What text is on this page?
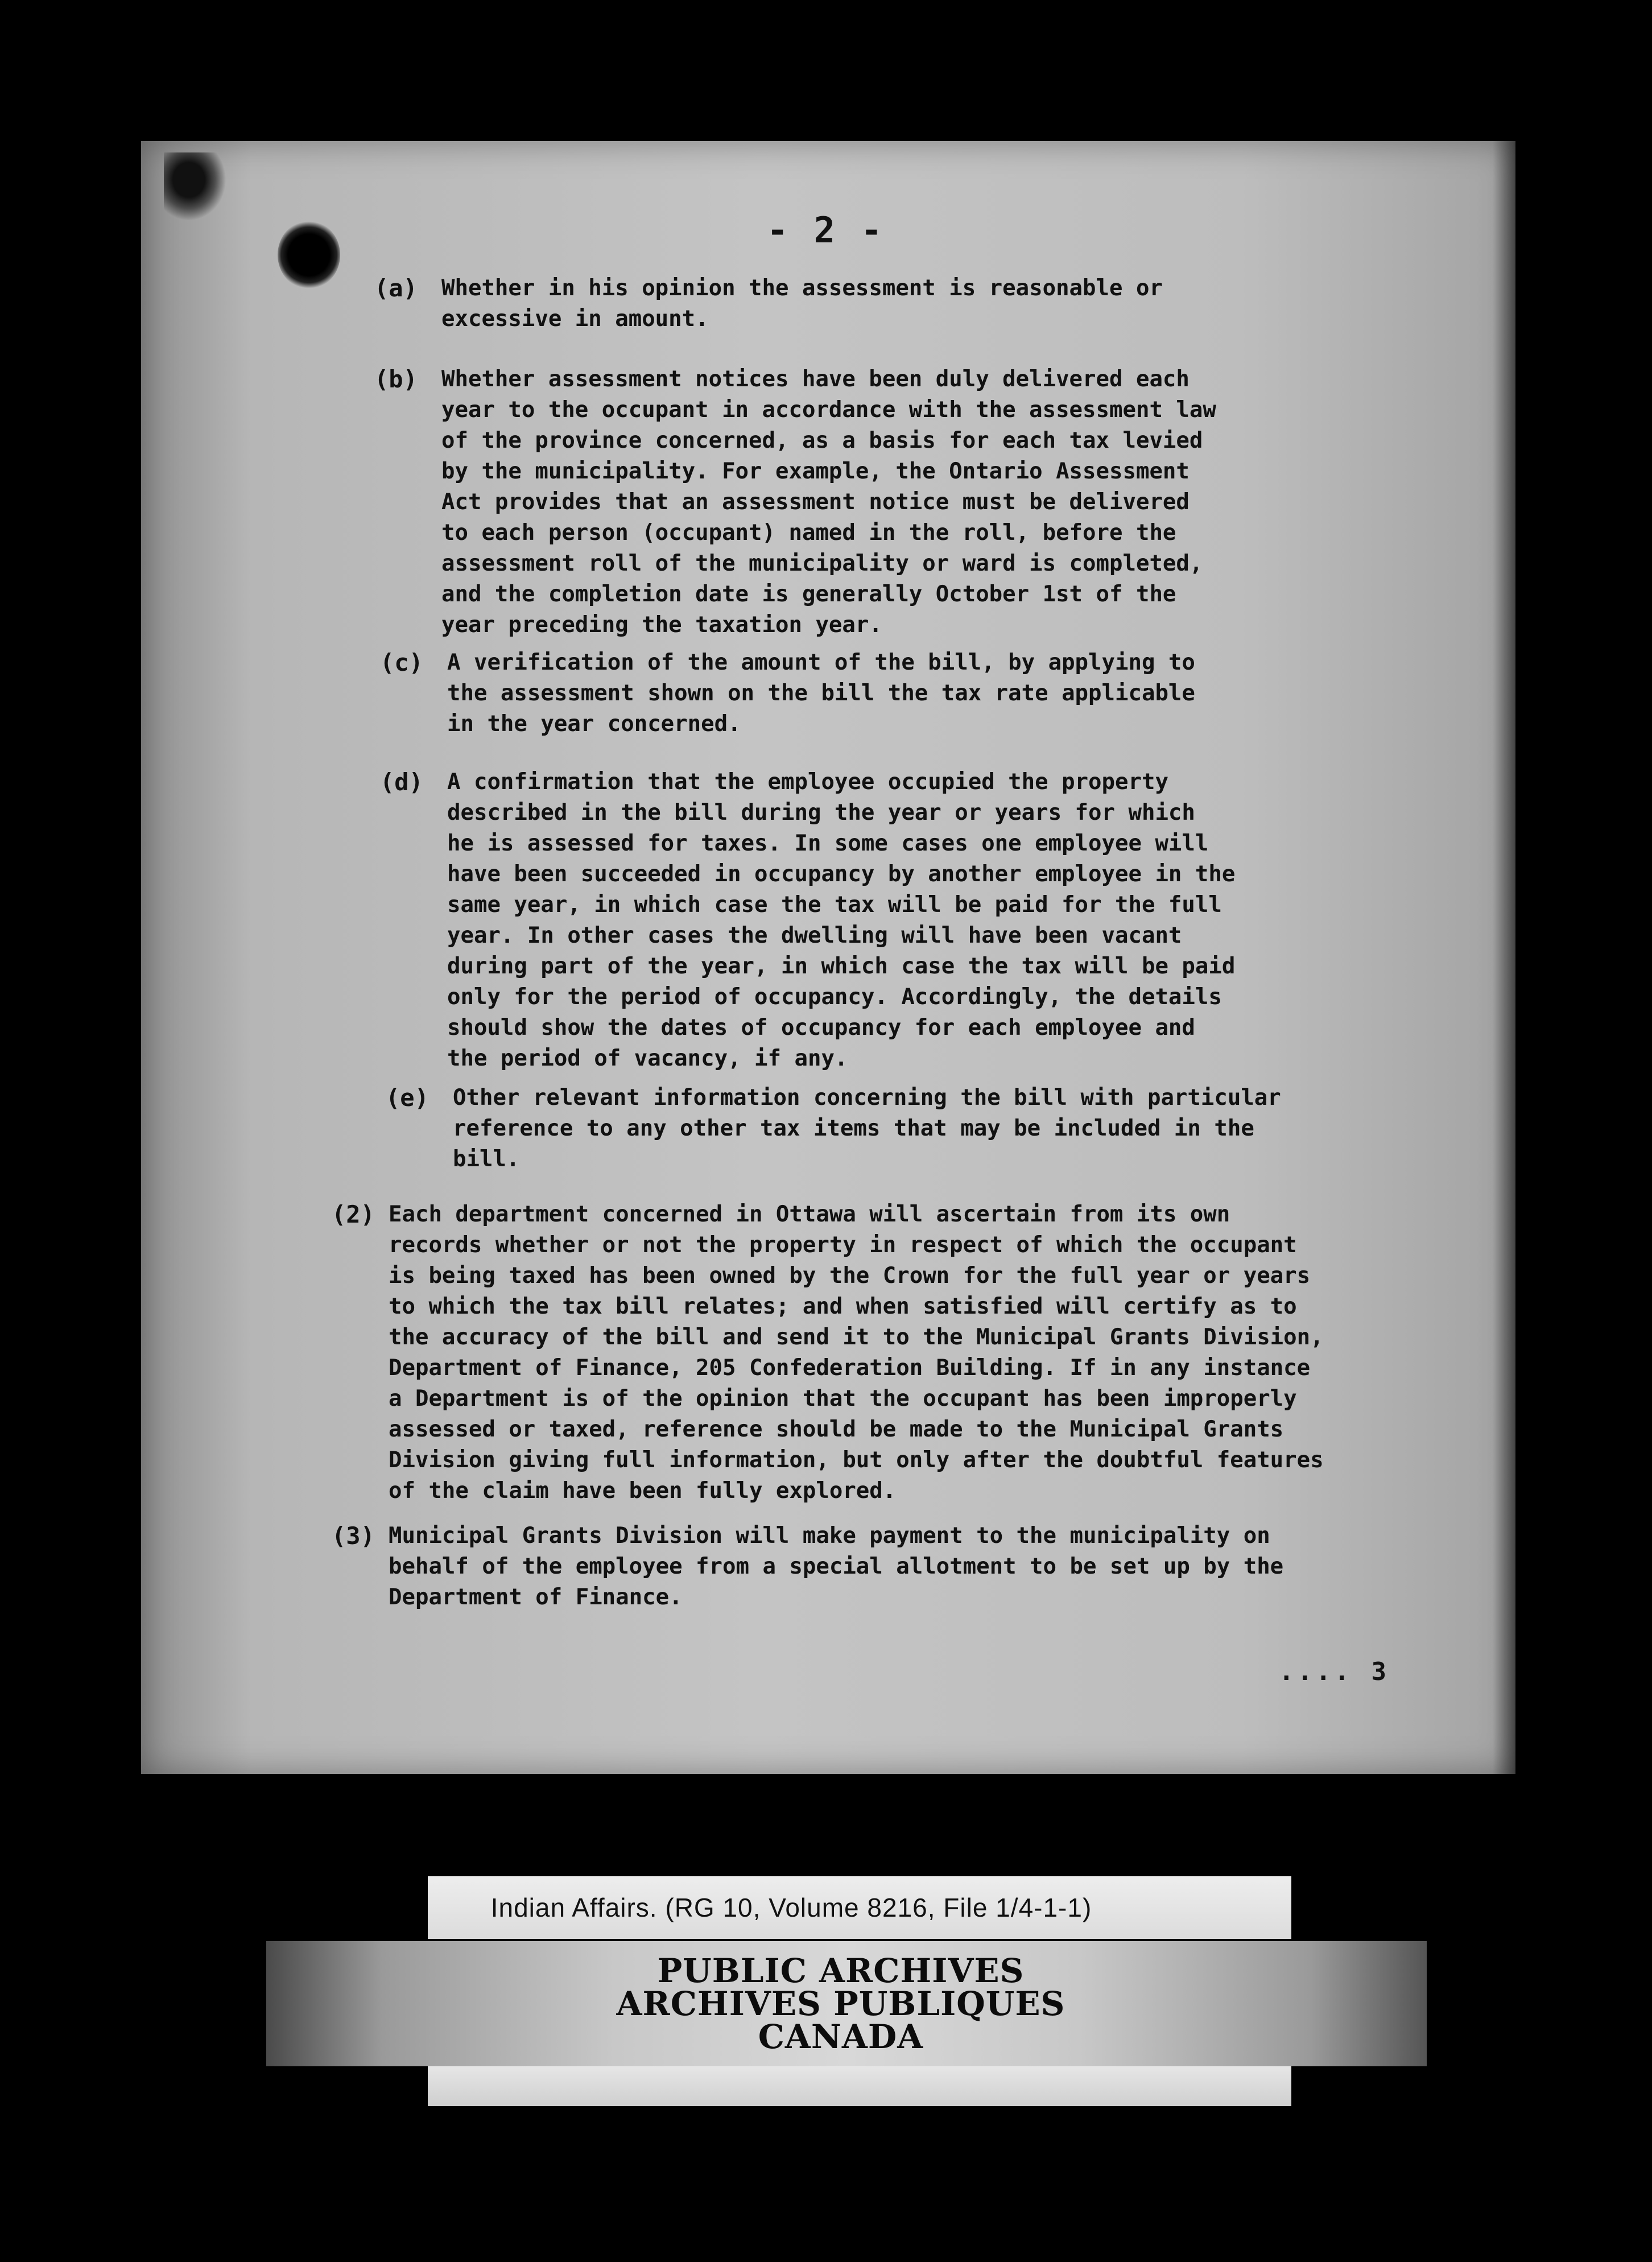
- 2 -
(a) Whether in his opinion the assessment is reasonable or
excessive in amount.
(b) Whether assessment notices have been duly delivered each
year to the occupant in accordance with the assessment law
of the province concerned, as a basis for each tax levied
by the municipality. For example, the Ontario Assessment
Act provides that an assessment notice must be delivered
to each person (occupant) named in the roll, before the
assessment roll of the municipality or ward is completed,
and the completion date is generally October 1st of the
year preceding the taxation year.
(c) A verification of the amount of the bill, by applying to
the assessment shown on the bill the tax rate applicable
in the year concerned.
(d) A confirmation that the employee occupied the property
described in the bill during the year or years for which
he is assessed for taxes. In some cases one employee will
have been succeeded in occupancy by another employee in the
same year, in which case the tax will be paid for the full
year. In other cases the dwelling will have been vacant
during part of the year, in which case the tax will be paid
only for the period of occupancy. Accordingly, the details
should show the dates of occupancy for each employee and
the period of vacancy, if any.
(e) Other relevant information concerning the bill with particular
reference to any other tax items that may be included in the
bill.
(2) Each department concerned in Ottawa will ascertain from its own
records whether or not the property in respect of which the occupant
is being taxed has been owned by the Crown for the full year or years
to which the tax bill relates; and when satisfied will certify as to
the accuracy of the bill and send it to the Municipal Grants Division,
Department of Finance, 205 Confederation Building. If in any instance
a Department is of the opinion that the occupant has been improperly
assessed or taxed, reference should be made to the Municipal Grants
Division giving full information, but only after the doubtful features
of the claim have been fully explored.
(3) Municipal Grants Division will make payment to the municipality on
behalf of the employee from a special allotment to be set up by the
Department of Finance.
.... 3
Indian Affairs. (RG 10, Volume 8216, File 1/4-1-1)
PUBLIC ARCHIVES
ARCHIVES PUBLIQUES
CANADA
